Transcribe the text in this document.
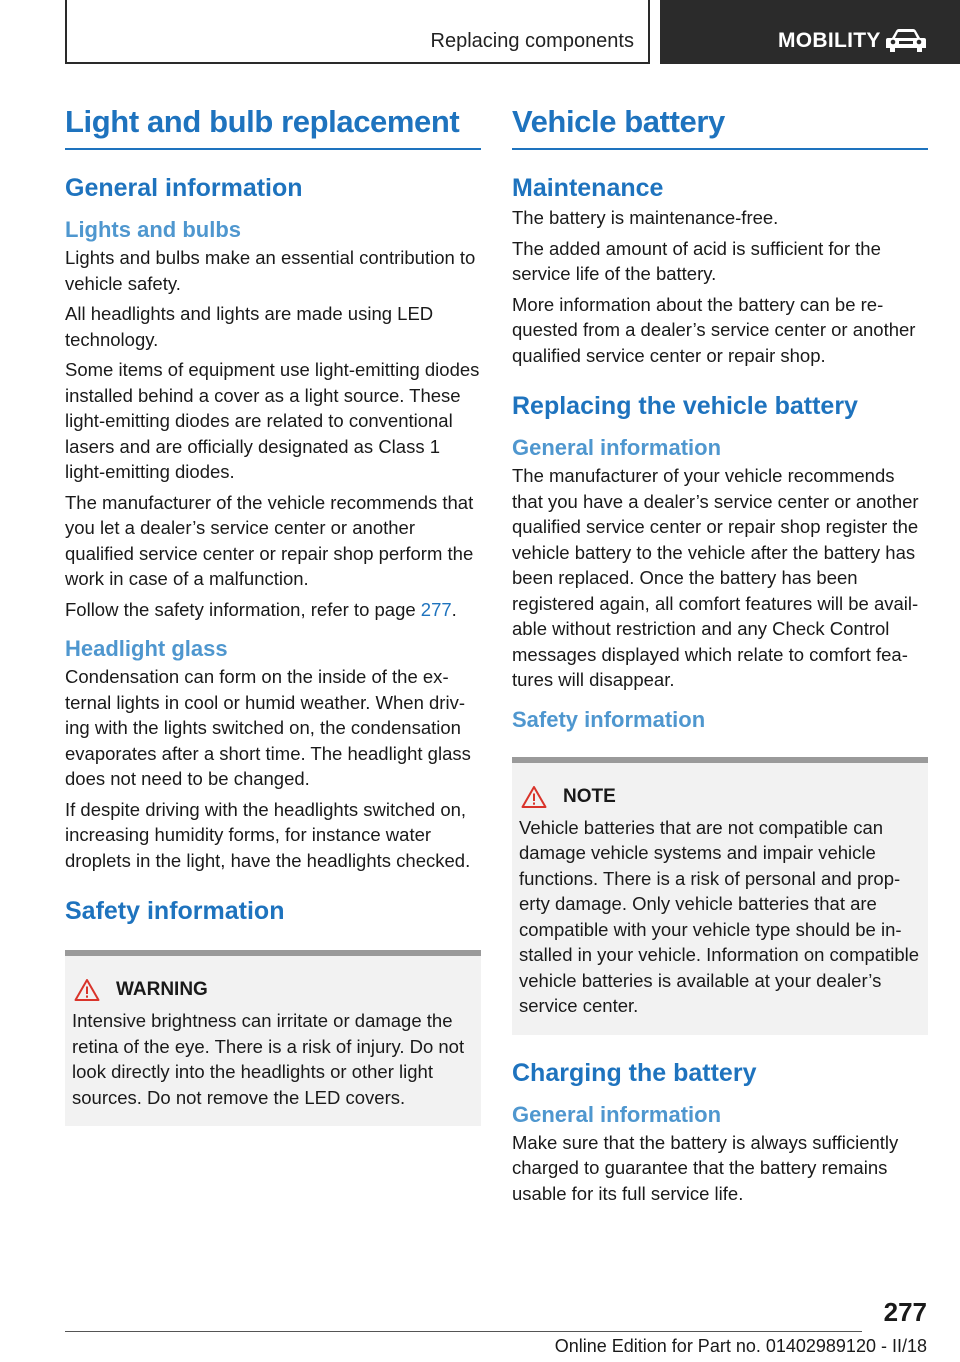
Replacing components	MOBILITY
Light and bulb replacement
General information
Lights and bulbs

Lights and bulbs make an essential contribution to vehicle safety.

All headlights and lights are made using LED technology.

Some items of equipment use light-emitting diodes installed behind a cover as a light source. These light-emitting diodes are related to conventional lasers and are officially designated as Class 1 light-emitting diodes.

The manufacturer of the vehicle recommends that you let a dealer’s service center or another qualified service center or repair shop perform the work in case of a malfunction.

Follow the safety information, refer to page 277.

Headlight glass

Condensation can form on the inside of the external lights in cool or humid weather. When driving with the lights switched on, the condensation evaporates after a short time. The headlight glass does not need to be changed.

If despite driving with the headlights switched on, increasing humidity forms, for instance water droplets in the light, have the headlights checked.

Safety information
WARNING

Intensive brightness can irritate or damage the retina of the eye. There is a risk of injury. Do not look directly into the headlights or other light sources. Do not remove the LED covers.

Vehicle battery
Maintenance

The battery is maintenance-free.

The added amount of acid is sufficient for the service life of the battery.

More information about the battery can be requested from a dealer’s service center or another qualified service center or repair shop.

Replacing the vehicle battery
General information

The manufacturer of your vehicle recommends that you have a dealer’s service center or another qualified service center or repair shop register the vehicle battery to the vehicle after the battery has been replaced. Once the battery has been registered again, all comfort features will be available without restriction and any Check Control messages displayed which relate to comfort features will disappear.

Safety information
NOTE

Vehicle batteries that are not compatible can damage vehicle systems and impair vehicle functions. There is a risk of personal and property damage. Only vehicle batteries that are compatible with your vehicle type should be installed in your vehicle. Information on compatible vehicle batteries is available at your dealer’s service center.

Charging the battery
General information

Make sure that the battery is always sufficiently charged to guarantee that the battery remains usable for its full service life.

277
Online Edition for Part no. 01402989120 - II/18
